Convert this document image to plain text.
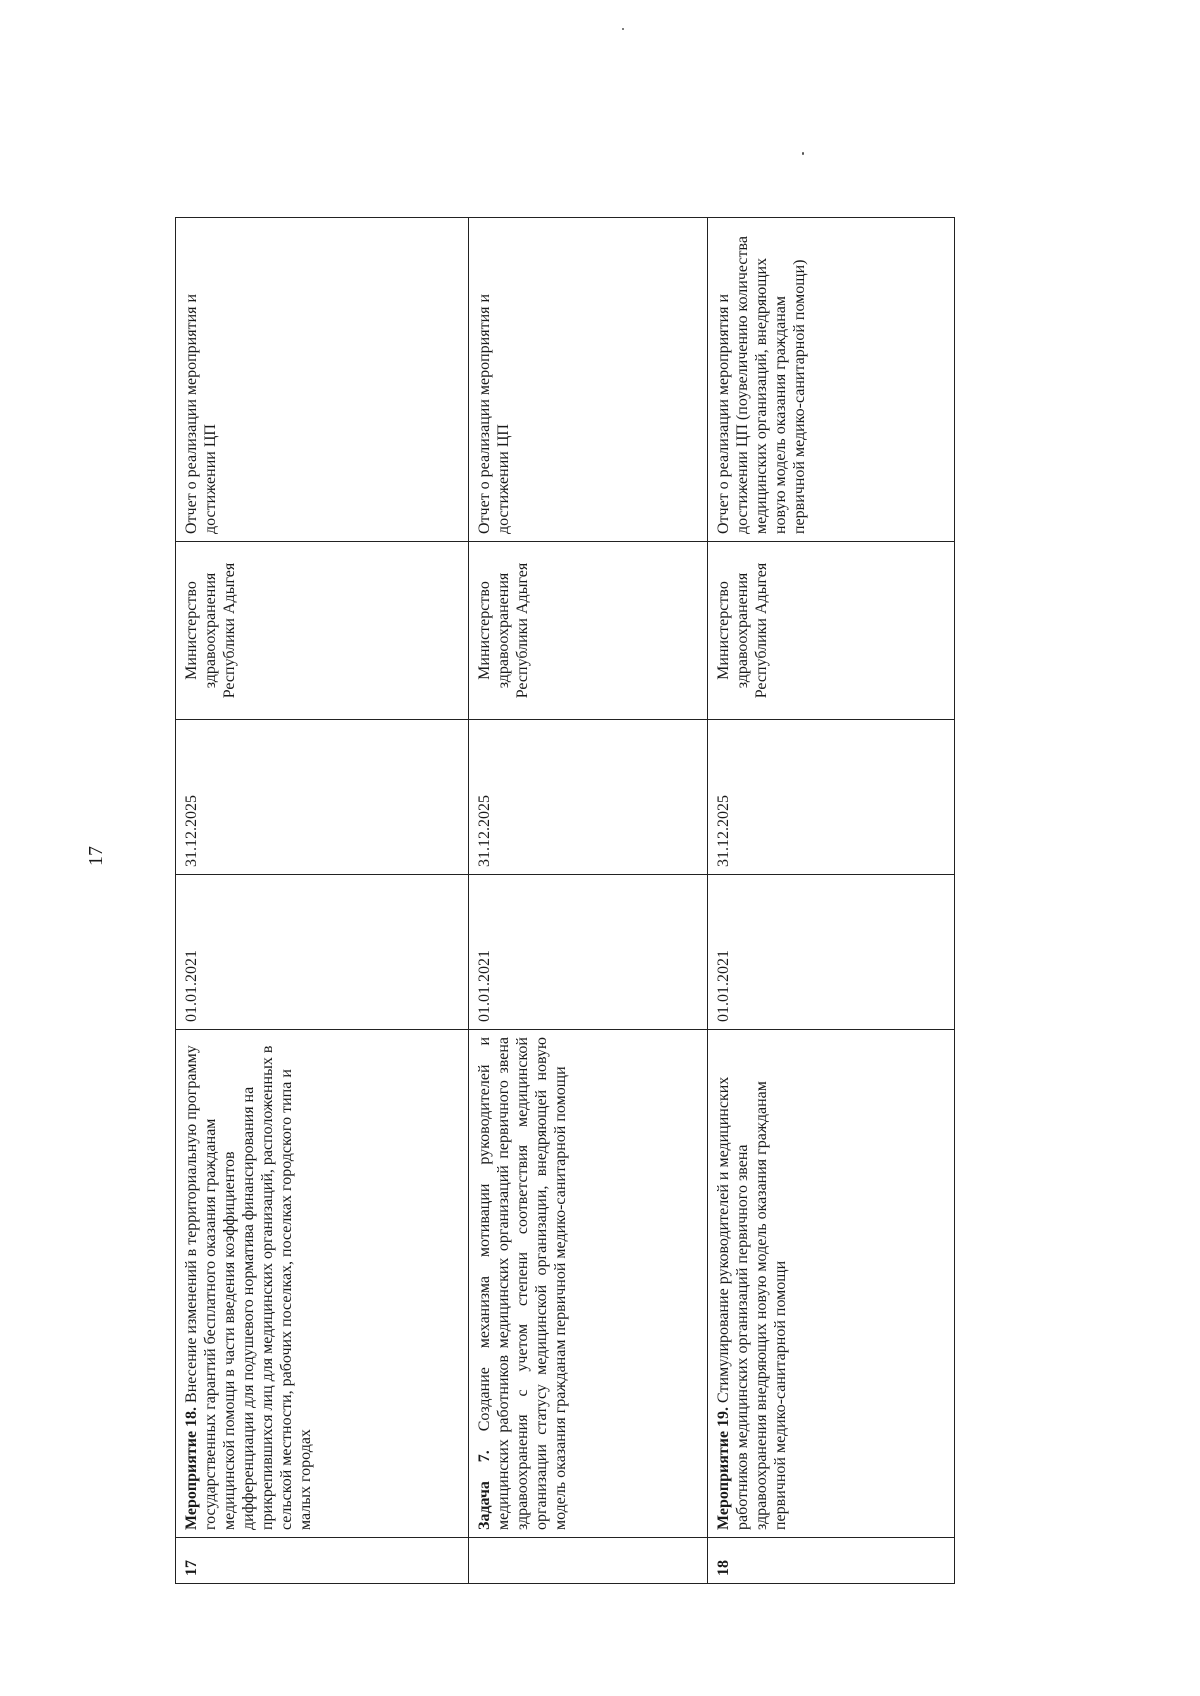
17
17	Мероприятие 18. Внесение изменений в территориальную программу государственных гарантий бесплатного оказания гражданам медицинской помощи в части введения коэффициентов дифференциации для подушевого норматива финансирования на прикрепившихся лиц для медицинских организаций, расположенных в сельской местности, рабочих поселках, поселках городского типа и малых городах	01.01.2021	31.12.2025	Министерство здравоохранения Республики Адыгея	Отчет о реализации мероприятия и достижении ЦП
	Задача 7. Создание механизма мотивации руководителей и медицинских работников медицинских организаций первичного звена здравоохранения с учетом степени соответствия медицинской организации статусу медицинской организации, внедряющей новую модель оказания гражданам первичной медико-санитарной помощи	01.01.2021	31.12.2025	Министерство здравоохранения Республики Адыгея	Отчет о реализации мероприятия и достижении ЦП
18	Мероприятие 19. Стимулирование руководителей и медицинских работников медицинских организаций первичного звена здравоохранения внедряющих новую модель оказания гражданам первичной медико-санитарной помощи	01.01.2021	31.12.2025	Министерство здравоохранения Республики Адыгея	Отчет о реализации мероприятия и достижении ЦП (поувеличению количества медицинских организаций, внедряющих новую модель оказания гражданам первичной медико-санитарной помощи)
